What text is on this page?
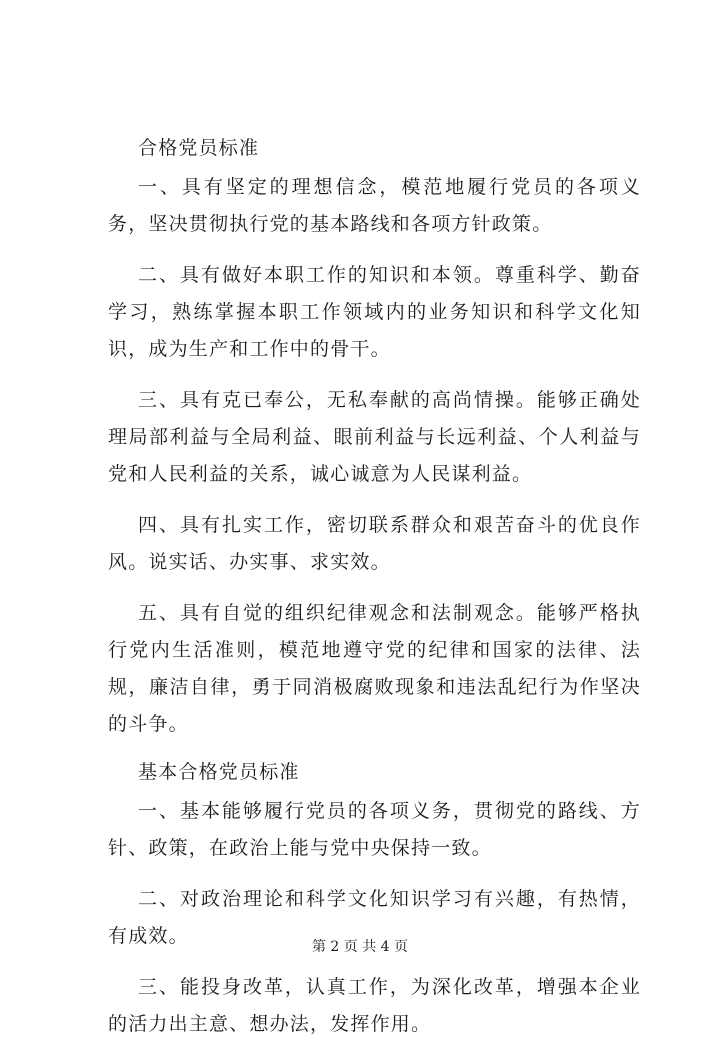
合格党员标准

一、具有坚定的理想信念，模范地履行党员的各项义务，坚决贯彻执行党的基本路线和各项方针政策。

二、具有做好本职工作的知识和本领。尊重科学、勤奋学习，熟练掌握本职工作领域内的业务知识和科学文化知识，成为生产和工作中的骨干。

三、具有克已奉公，无私奉献的高尚情操。能够正确处理局部利益与全局利益、眼前利益与长远利益、个人利益与党和人民利益的关系，诚心诚意为人民谋利益。

四、具有扎实工作，密切联系群众和艰苦奋斗的优良作风。说实话、办实事、求实效。

五、具有自觉的组织纪律观念和法制观念。能够严格执行党内生活准则，模范地遵守党的纪律和国家的法律、法规，廉洁自律，勇于同消极腐败现象和违法乱纪行为作坚决的斗争。

基本合格党员标准

一、基本能够履行党员的各项义务，贯彻党的路线、方针、政策，在政治上能与党中央保持一致。

二、对政治理论和科学文化知识学习有兴趣，有热情，有成效。

三、能投身改革，认真工作，为深化改革，增强本企业的活力出主意、想办法，发挥作用。

第 2 页 共 4 页
